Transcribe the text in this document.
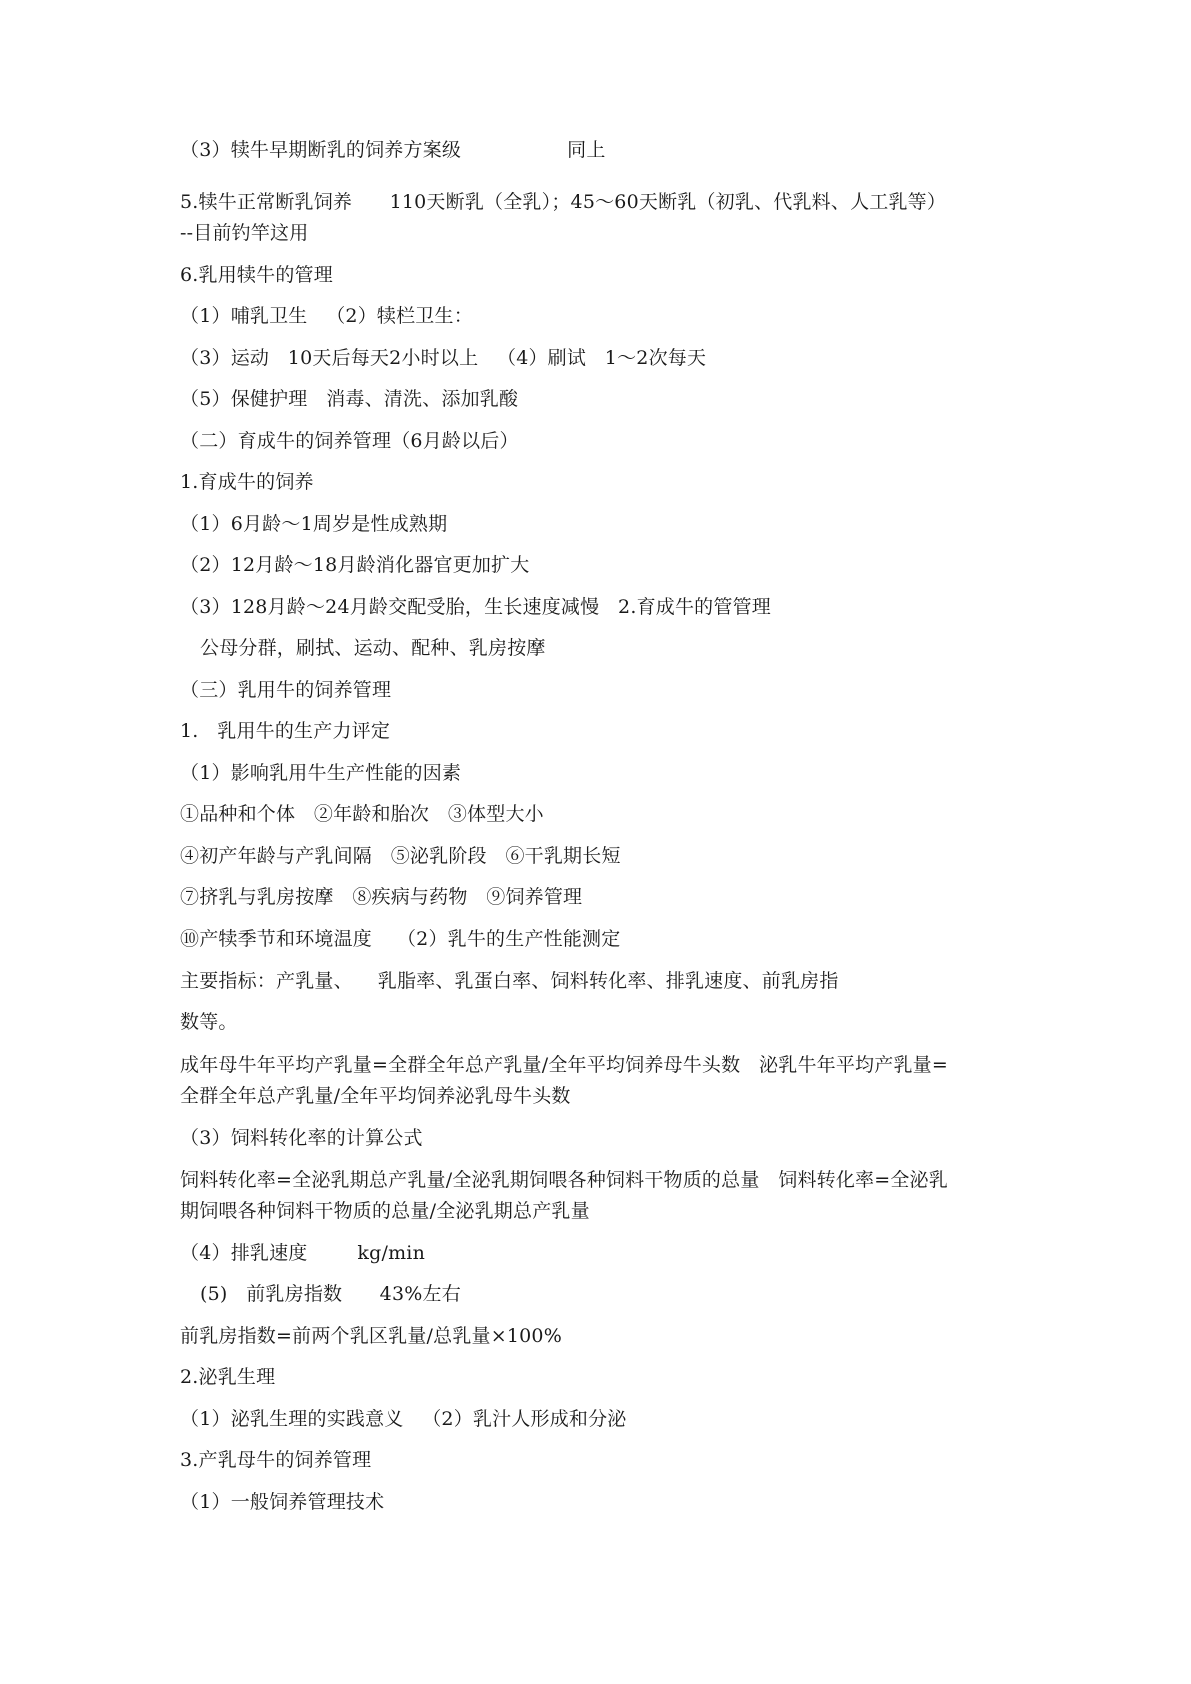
（3）犊牛早期断乳的饲养方案级                 同上
5.犊牛正常断乳饲养      110天断乳（全乳）；45～60天断乳（初乳、代乳料、人工乳等）
--目前钓竿这用
6.乳用犊牛的管理
（1）哺乳卫生   （2）犊栏卫生：
（3）运动   10天后每天2小时以上   （4）刷试   1～2次每天
（5）保健护理   消毒、清洗、添加乳酸
（二）育成牛的饲养管理（6月龄以后）
1.育成牛的饲养
（1）6月龄～1周岁是性成熟期
（2）12月龄～18月龄消化器官更加扩大
（3）128月龄～24月龄交配受胎，生长速度减慢   2.育成牛的管管理
公母分群，刷拭、运动、配种、乳房按摩
（三）乳用牛的饲养管理
1.   乳用牛的生产力评定
（1）影响乳用牛生产性能的因素
①品种和个体   ②年龄和胎次   ③体型大小
④初产年龄与产乳间隔   ⑤泌乳阶段   ⑥干乳期长短
⑦挤乳与乳房按摩   ⑧疾病与药物   ⑨饲养管理
⑩产犊季节和环境温度    （2）乳牛的生产性能测定
主要指标：产乳量、    乳脂率、乳蛋白率、饲料转化率、排乳速度、前乳房指
数等。
成年母牛年平均产乳量=全群全年总产乳量/全年平均饲养母牛头数   泌乳牛年平均产乳量=
全群全年总产乳量/全年平均饲养泌乳母牛头数
（3）饲料转化率的计算公式
饲料转化率=全泌乳期总产乳量/全泌乳期饲喂各种饲料干物质的总量   饲料转化率=全泌乳
期饲喂各种饲料干物质的总量/全泌乳期总产乳量
（4）排乳速度        kg/min
(5)   前乳房指数      43%左右
前乳房指数=前两个乳区乳量/总乳量×100%
2.泌乳生理
（1）泌乳生理的实践意义   （2）乳汁人形成和分泌
3.产乳母牛的饲养管理
（1）一般饲养管理技术
